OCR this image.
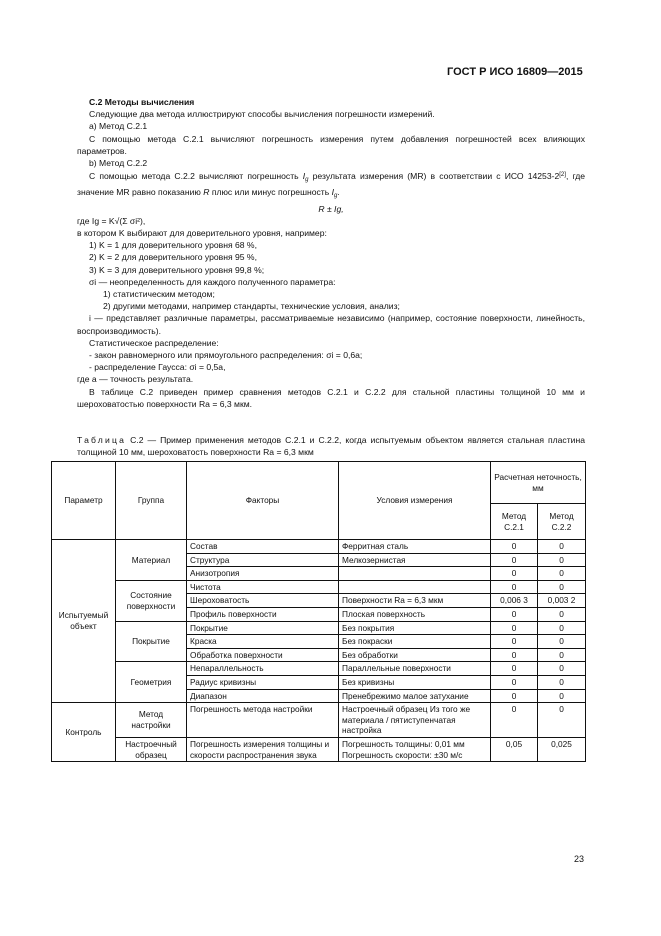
ГОСТ Р ИСО 16809—2015

С.2 Методы вычисления

Следующие два метода иллюстрируют способы вычисления погрешности измерений.

a) Метод С.2.1

С помощью метода С.2.1 вычисляют погрешность измерения путем добавления погрешностей всех влияющих параметров.

b) Метод С.2.2

С помощью метода С.2.2 вычисляют погрешность $I_g$ результата измерения (MR) в соответствии с ИСО 14253-2[2], где значение MR равно показанию R плюс или минус погрешность $I_g$.

R ± Ig,

где Ig = K√(Σ σi²),

в котором K выбирают для доверительного уровня, например:

1) K = 1 для доверительного уровня 68 %,

2) K = 2 для доверительного уровня 95 %,

3) K = 3 для доверительного уровня 99,8 %;

σi — неопределенность для каждого полученного параметра:

1) статистическим методом;

2) другими методами, например стандарты, технические условия, анализ;

i — представляет различные параметры, рассматриваемые независимо (например, состояние поверхности, линейность, воспроизводимость).

Статистическое распределение:

- закон равномерного или прямоугольного распределения: σi = 0,6a;

- распределение Гаусса: σi = 0,5a,

где a — точность результата.

В таблице С.2 приведен пример сравнения методов С.2.1 и С.2.2 для стальной пластины толщиной 10 мм и шероховатостью поверхности Ra = 6,3 мкм.

Таблица С.2 — Пример применения методов С.2.1 и С.2.2, когда испытуемым объектом является стальная пластина толщиной 10 мм, шероховатость поверхности Ra = 6,3 мкм
Параметр	Группа	Факторы	Условия измерения	Расчетная неточность, мм	
				Метод С.2.1	Метод С.2.2
Испытуемый объект	Материал	Состав	Ферритная сталь	0	0
		Структура	Мелкозернистая	0	0
		Анизотропия		0	0
	Состояние поверхности	Чистота		0	0
		Шероховатость	Поверхности Ra = 6,3 мкм	0,006 3	0,003 2
		Профиль поверхности	Плоская поверхность	0	0
	Покрытие	Покрытие	Без покрытия	0	0
		Краска	Без покраски	0	0
		Обработка поверхности	Без обработки	0	0
	Геометрия	Непараллельность	Параллельные поверхности	0	0
		Радиус кривизны	Без кривизны	0	0
		Диапазон	Пренебрежимо малое затухание	0	0
Контроль	Метод настройки	Погрешность метода настройки	Настроечный образец Из того же материала / пятиступенчатая настройка	0	0
	Настроечный образец	Погрешность измерения толщины и скорости распространения звука	Погрешность толщины: 0,01 мм Погрешность скорости: ±30 м/с	0,05	0,025
23
